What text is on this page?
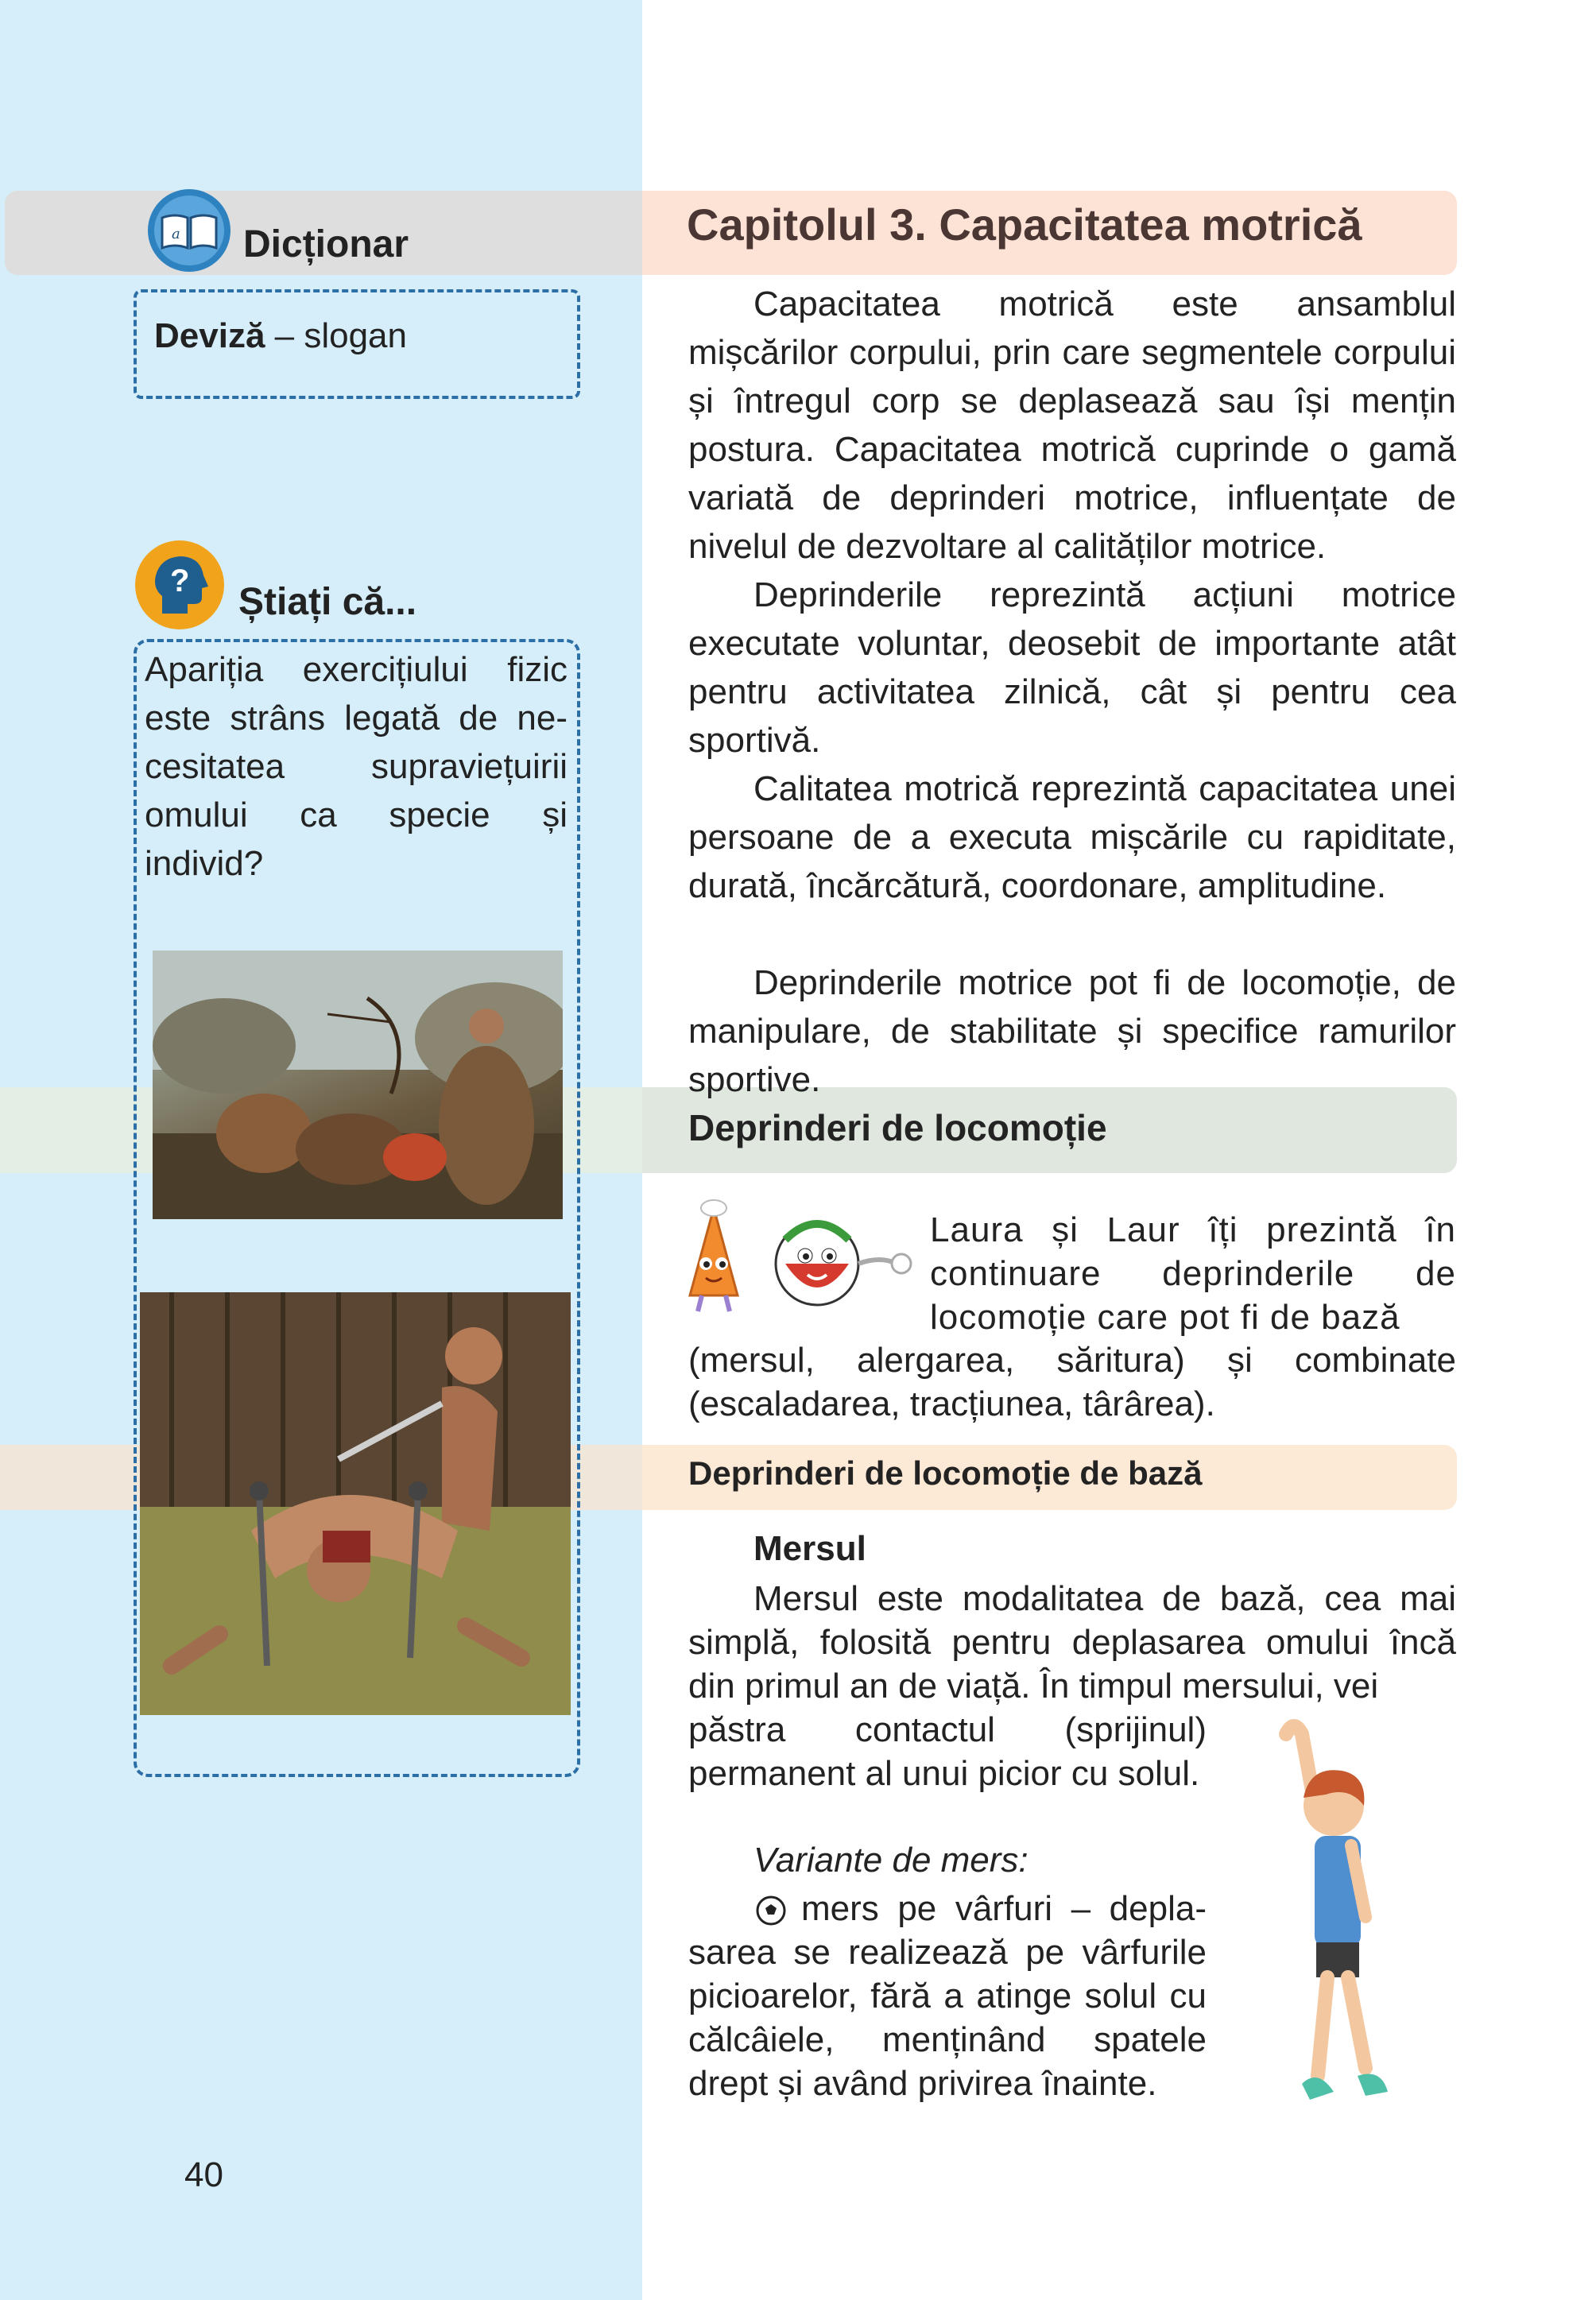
a Dicționar
Deviză – slogan
? Știați că...
Apariția exercițiului fizic este strâns legată de ne-cesitatea supraviețuirii omului ca specie și individ?
40
Capitolul 3. Capacitatea motrică
Capacitatea motrică este ansamblul mișcărilor corpului, prin care segmentele corpului și întregul corp se deplasează sau își mențin postura. Capacitatea motrică cuprinde o gamă variată de deprinderi motrice, influențate de nivelul de dezvoltare al calităților motrice.
Deprinderile reprezintă acțiuni motrice executate voluntar, deosebit de importante atât pentru activitatea zilnică, cât și pentru cea sportivă.
Calitatea motrică reprezintă capacitatea unei persoane de a executa mișcările cu rapiditate, durată, încărcătură, coordonare, amplitudine.
Deprinderile motrice pot fi de locomoție, de manipulare, de stabilitate și specifice ramurilor sportive.
Deprinderi de locomoție
Laura și Laur îți prezintă în continuare deprinderile de locomoție care pot fi de bază
(mersul, alergarea, săritura) și combinate (escaladarea, tracțiunea, târârea).
Deprinderi de locomoție de bază
Mersul
Mersul este modalitatea de bază, cea mai simplă, folosită pentru deplasarea omului încă din primul an de viață. În timpul mersului, vei
păstra contactul (sprijinul) permanent al unui picior cu solul.
Variante de mers:
mers pe vârfuri – depla-sarea se realizează pe vârfurile picioarelor, fără a atinge solul cu călcâiele, menținând spatele drept și având privirea înainte.
